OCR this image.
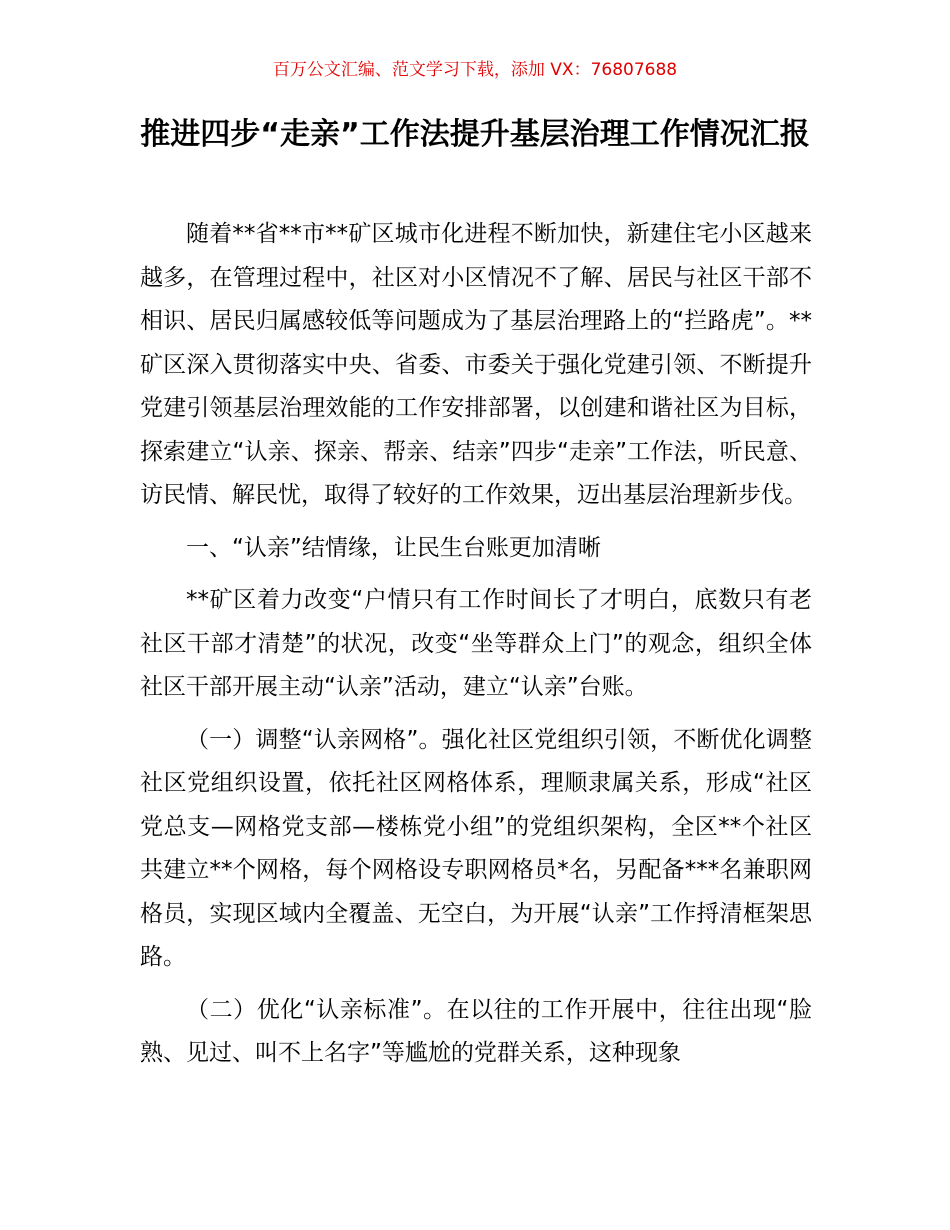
百万公文汇编、范文学习下载，添加 VX：76807688
推进四步“走亲”工作法提升基层治理工作情况汇报

随着**省**市**矿区城市化进程不断加快，新建住宅小区越来越多，在管理过程中，社区对小区情况不了解、居民与社区干部不相识、居民归属感较低等问题成为了基层治理路上的“拦路虎”。**矿区深入贯彻落实中央、省委、市委关于强化党建引领、不断提升党建引领基层治理效能的工作安排部署，以创建和谐社区为目标，探索建立“认亲、探亲、帮亲、结亲”四步“走亲”工作法，听民意、访民情、解民忧，取得了较好的工作效果，迈出基层治理新步伐。

一、“认亲”结情缘，让民生台账更加清晰

**矿区着力改变“户情只有工作时间长了才明白，底数只有老社区干部才清楚”的状况，改变“坐等群众上门”的观念，组织全体社区干部开展主动“认亲”活动，建立“认亲”台账。

（一）调整“认亲网格”。强化社区党组织引领，不断优化调整社区党组织设置，依托社区网格体系，理顺隶属关系，形成“社区党总支—网格党支部—楼栋党小组”的党组织架构，全区**个社区共建立**个网格，每个网格设专职网格员*名，另配备***名兼职网格员，实现区域内全覆盖、无空白，为开展“认亲”工作捋清框架思路。

（二）优化“认亲标准”。在以往的工作开展中，往往出现“脸熟、见过、叫不上名字”等尴尬的党群关系，这种现象
